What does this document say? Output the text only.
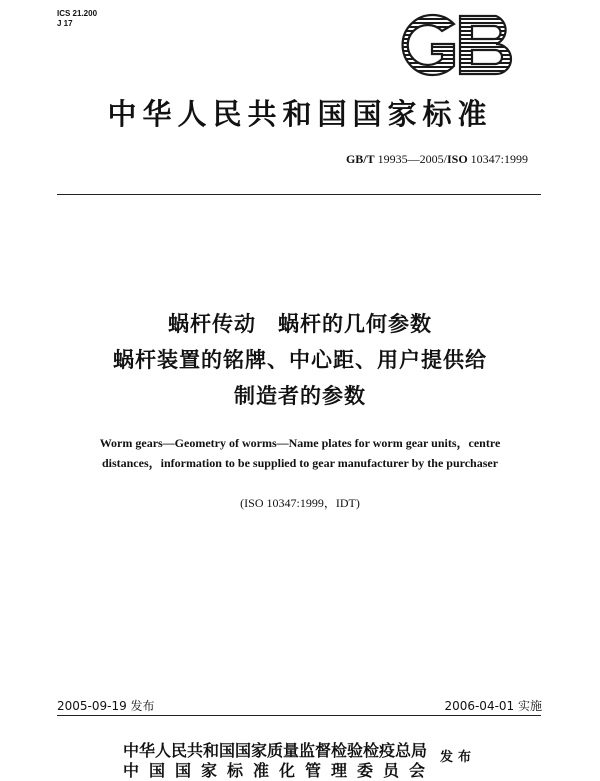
ICS 21.200
J 17
中华人民共和国国家标准
GB/T 19935—2005/ISO 10347:1999
蜗杆传动　蜗杆的几何参数
蜗杆装置的铭牌、中心距、用户提供给
制造者的参数
Worm gears—Geometry of worms—Name plates for worm gear units，centre
distances，information to be supplied to gear manufacturer by the purchaser
(ISO 10347:1999，IDT)
2005-09-19 发布	2006-04-01 实施
中华人民共和国国家质量监督检验检疫总局
中国国家标准化管理委员会
发布
